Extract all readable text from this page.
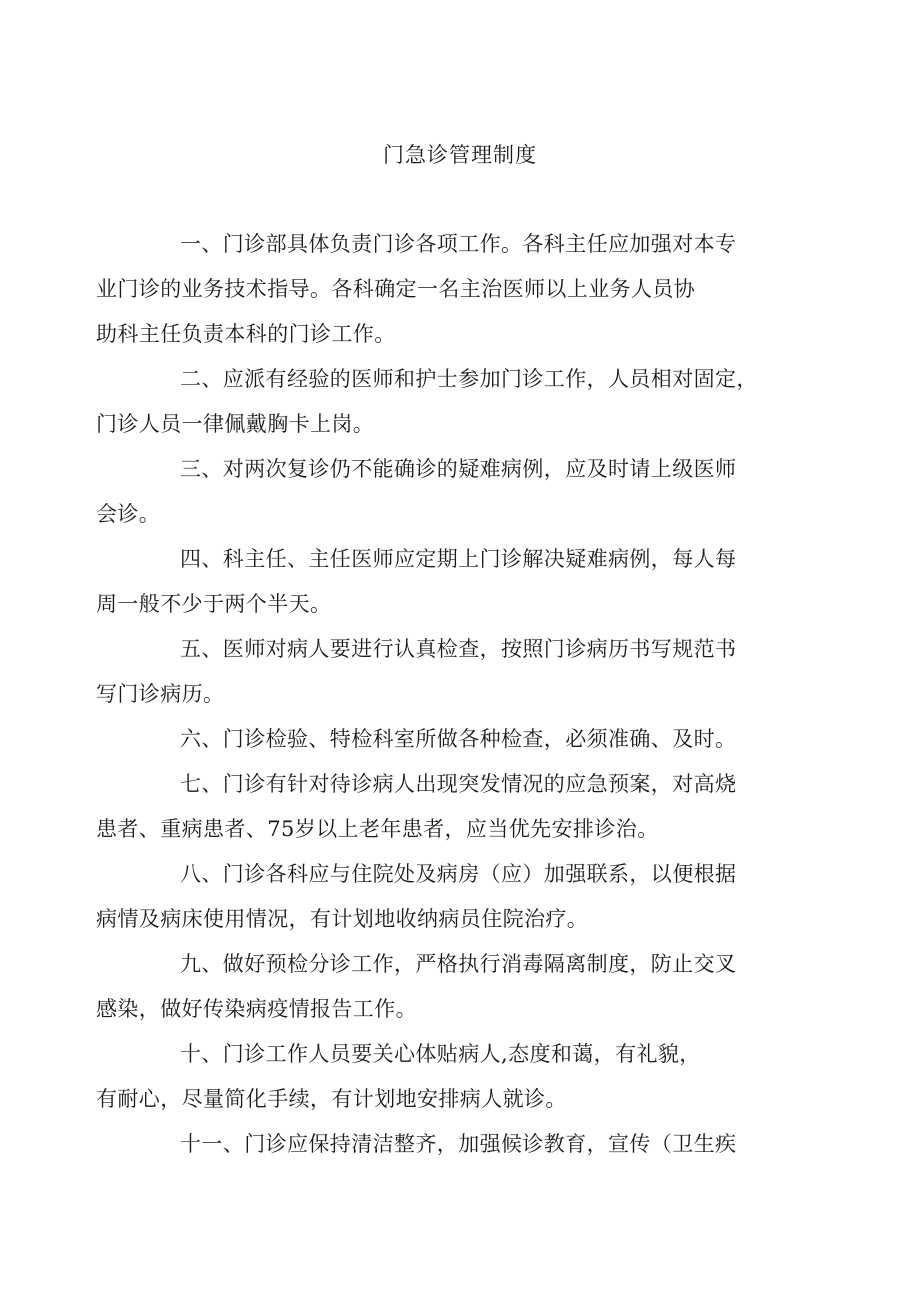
门急诊管理制度

一、门诊部具体负责门诊各项工作。各科主任应加强对本专
业门诊的业务技术指导。各科确定一名主治医师以上业务人员协
助科主任负责本科的门诊工作。

二、应派有经验的医师和护士参加门诊工作，人员相对固定，
门诊人员一律佩戴胸卡上岗。

三、对两次复诊仍不能确诊的疑难病例，应及时请上级医师
会诊。

四、科主任、主任医师应定期上门诊解决疑难病例，每人每
周一般不少于两个半天。

五、医师对病人要进行认真检查，按照门诊病历书写规范书
写门诊病历。

六、门诊检验、特检科室所做各种检查，必须准确、及时。

七、门诊有针对待诊病人出现突发情况的应急预案，对高烧
患者、重病患者、75岁以上老年患者，应当优先安排诊治。

八、门诊各科应与住院处及病房（应）加强联系，以便根据
病情及病床使用情况，有计划地收纳病员住院治疗。

九、做好预检分诊工作，严格执行消毒隔离制度，防止交叉
感染，做好传染病疫情报告工作。

十、门诊工作人员要关心体贴病人,态度和蔼，有礼貌，
有耐心，尽量简化手续，有计划地安排病人就诊。

十一、门诊应保持清洁整齐，加强候诊教育，宣传（卫生疾
